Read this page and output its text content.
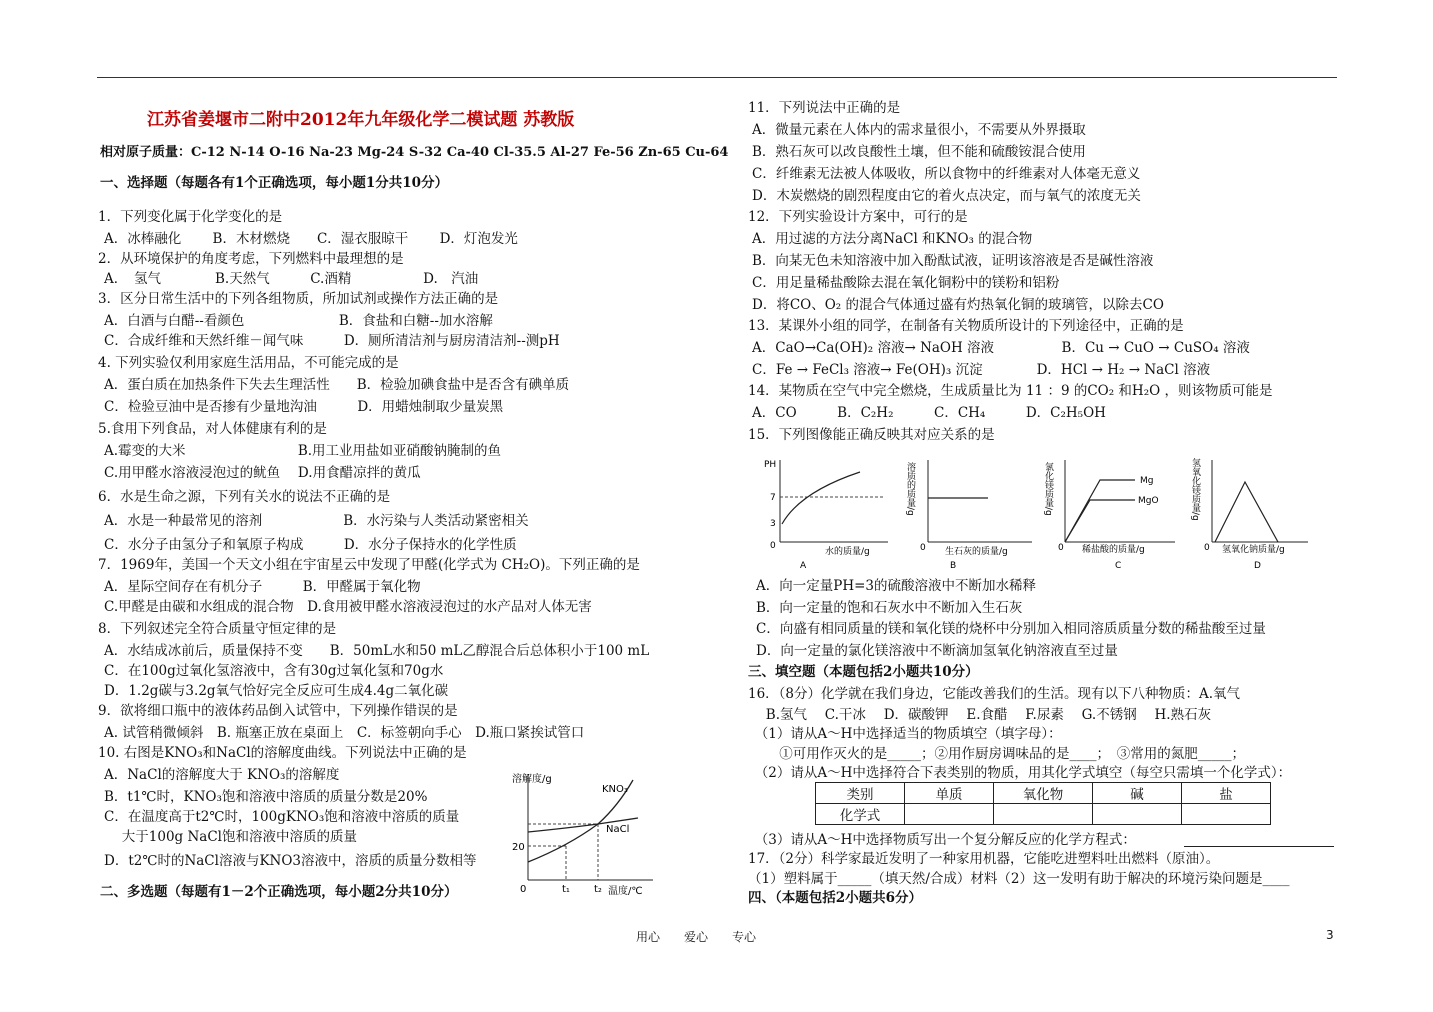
江苏省姜堰市二附中2012年九年级化学二模试题 苏教版
相对原子质量：C-12 N-14 O-16 Na-23 Mg-24 S-32 Ca-40 Cl-35.5 Al-27 Fe-56 Zn-65 Cu-64
一、选择题（每题各有1个正确选项，每小题1分共10分）
1．下列变化属于化学变化的是
A．冰棒融化　　 B．木材燃烧　　C．湿衣服晾干　　 D．灯泡发光
2．从环境保护的角度考虑，下列燃料中最理想的是
A．　氢气　　　　B.天然气　　　C.酒精　　　　　 D.　汽油
3．区分日常生活中的下列各组物质，所加试剂或操作方法正确的是
A．白酒与白醋--看颜色　　　　　　　B．食盐和白糖--加水溶解
C．合成纤维和天然纤维－闻气味　　　D．厕所清洁剂与厨房清洁剂--测pH
4. 下列实验仅利用家庭生活用品，不可能完成的是
A．蛋白质在加热条件下失去生理活性　　B．检验加碘食盐中是否含有碘单质
C．检验豆油中是否掺有少量地沟油　　　D．用蜡烛制取少量炭黑
5.食用下列食品，对人体健康有利的是
A.霉变的大米　　　　　　　　 B.用工业用盐如亚硝酸钠腌制的鱼
C.用甲醛水溶液浸泡过的鱿鱼　 D.用食醋凉拌的黄瓜
6．水是生命之源，下列有关水的说法不正确的是
A．水是一种最常见的溶剂　　　　　　B．水污染与人类活动紧密相关
C．水分子由氢分子和氧原子构成　　　D．水分子保持水的化学性质
7．1969年，美国一个天文小组在宇宙星云中发现了甲醛(化学式为 CH₂O)。下列正确的是
A．星际空间存在有机分子　　　B．甲醛属于氧化物
C.甲醛是由碳和水组成的混合物　D.食用被甲醛水溶液浸泡过的水产品对人体无害
8．下列叙述完全符合质量守恒定律的是
A．水结成冰前后，质量保持不变　　B．50mL水和50 mL乙醇混合后总体积小于100 mL
C．在100g过氧化氢溶液中，含有30g过氧化氢和70g水
D．1.2g碳与3.2g氧气恰好完全反应可生成4.4g二氧化碳
9．欲将细口瓶中的液体药品倒入试管中，下列操作错误的是
A. 试管稍微倾斜　B. 瓶塞正放在桌面上　C．标签朝向手心　D.瓶口紧挨试管口
10. 右图是KNO₃和NaCl的溶解度曲线。下列说法中正确的是
A．NaCl的溶解度大于 KNO₃的溶解度
B．t1℃时，KNO₃饱和溶液中溶质的质量分数是20%
C．在温度高于t2℃时，100gKNO₃饱和溶液中溶质的质量
　 大于100g NaCl饱和溶液中溶质的质量
D．t2℃时的NaCl溶液与KNO3溶液中，溶质的质量分数相等
二、多选题（每题有1－2个正确选项，每小题2分共10分）
溶解度/g
20
KNO₃
NaCl
0	t₁ t₂ 温度/℃
11．下列说法中正确的是
A．微量元素在人体内的需求量很小，不需要从外界摄取
B．熟石灰可以改良酸性土壤，但不能和硫酸铵混合使用
C．纤维素无法被人体吸收，所以食物中的纤维素对人体毫无意义
D．木炭燃烧的剧烈程度由它的着火点决定，而与氧气的浓度无关
12．下列实验设计方案中，可行的是
A．用过滤的方法分离NaCl 和KNO₃ 的混合物
B．向某无色未知溶液中加入酚酞试液，证明该溶液是否是碱性溶液
C．用足量稀盐酸除去混在氧化铜粉中的镁粉和铝粉
D．将CO、O₂ 的混合气体通过盛有灼热氧化铜的玻璃管，以除去CO
13．某课外小组的同学，在制备有关物质所设计的下列途径中，正确的是
A．CaO→Ca(OH)₂ 溶液→ NaOH 溶液　　　　　B．Cu → CuO → CuSO₄ 溶液
C．Fe → FeCl₃ 溶液→ Fe(OH)₃ 沉淀　　　　D．HCl → H₂ → NaCl 溶液
14．某物质在空气中完全燃烧，生成质量比为 11 ：9 的CO₂ 和H₂O ，则该物质可能是
A．CO　　　B．C₂H₂　　　C．CH₄　　　D．C₂H₅OH
15．下列图像能正确反映其对应关系的是
PH
7
3
0
水的质量/g
A
溶质的质量/g
0 生石灰的质量/g
B
氯化镁质量/g
0 稀盐酸的质量/g
C
Mg
MgO	氢氧化镁质量/g
0 氢氧化钠质量/g
D
A．向一定量PH=3的硫酸溶液中不断加水稀释
B．向一定量的饱和石灰水中不断加入生石灰
C．向盛有相同质量的镁和氧化镁的烧杯中分别加入相同溶质质量分数的稀盐酸至过量
D．向一定量的氯化镁溶液中不断滴加氢氧化钠溶液直至过量
三、填空题（本题包括2小题共10分）
16．（8分）化学就在我们身边，它能改善我们的生活。现有以下八种物质：A.氧气
　 B.氢气　 C.干冰　 D．碳酸钾　 E.食醋　 F.尿素　 G.不锈钢　 H.熟石灰
　（1）请从A～H中选择适当的物质填空（填字母）：
　　 ①可用作灭火的是_____；②用作厨房调味品的是____；　③常用的氮肥_____；
　（2）请从A～H中选择符合下表类别的物质，用其化学式填空（每空只需填一个化学式）：
类别	单质	氧化物	碱	盐
化学式				
　（3）请从A～H中选择物质写出一个复分解反应的化学方程式：
17．（2分）科学家最近发明了一种家用机器，它能吃进塑料吐出燃料（原油）。
（1）塑料属于_____（填天然/合成）材料（2）这一发明有助于解决的环境污染问题是____
四、（本题包括2小题共6分）
用心　　爱心　　专心	3
